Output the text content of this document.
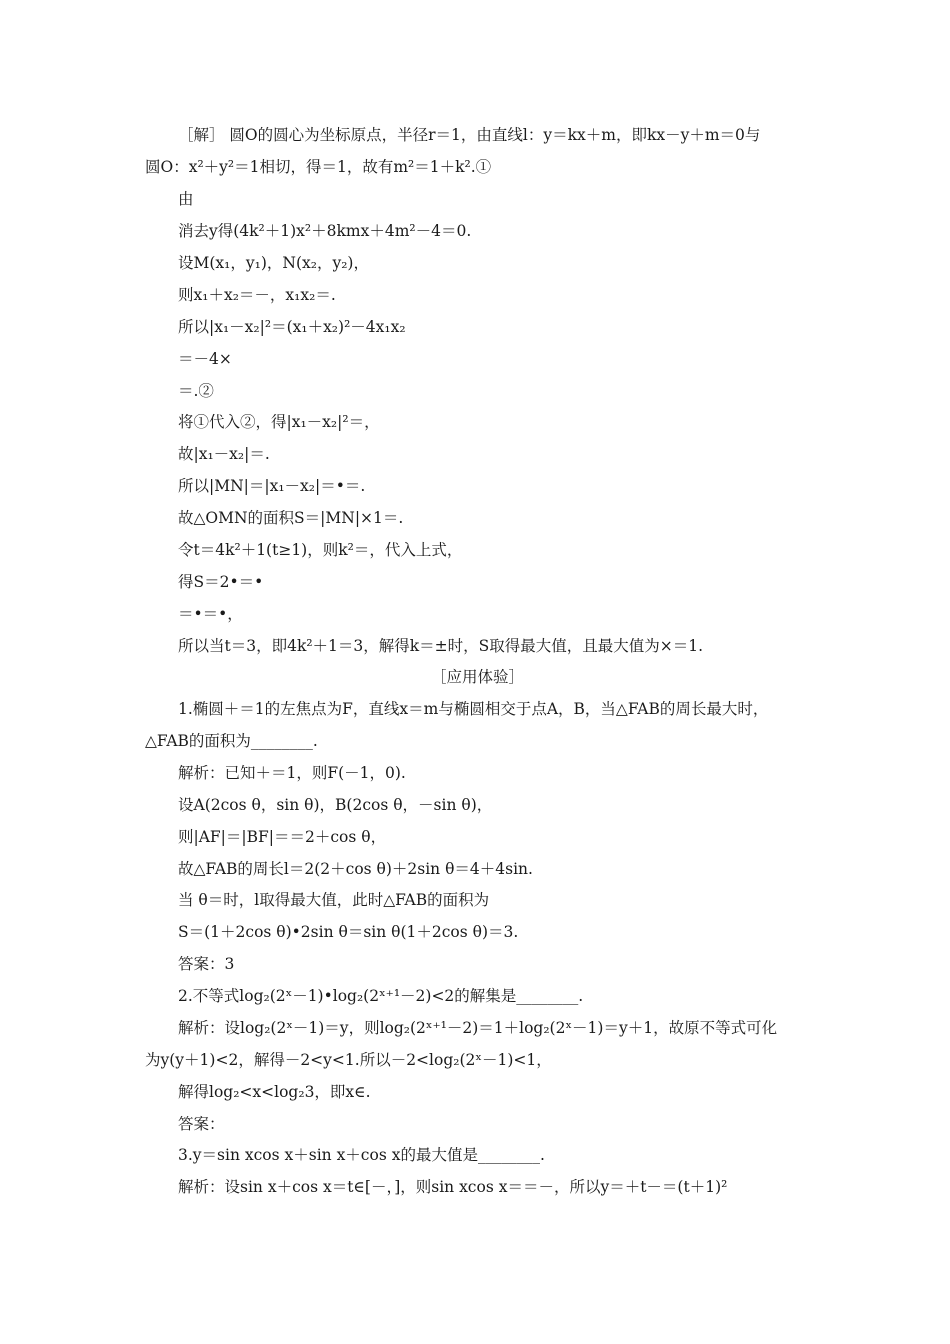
［解］ 圆O的圆心为坐标原点，半径r＝1，由直线l：y＝kx＋m，即kx－y＋m＝0与
圆O：x²＋y²＝1相切，得＝1，故有m²＝1＋k².①
由
消去y得(4k²＋1)x²＋8kmx＋4m²－4＝0.
设M(x₁，y₁)，N(x₂，y₂)，
则x₁＋x₂＝－，x₁x₂＝.
所以|x₁－x₂|²＝(x₁＋x₂)²－4x₁x₂
＝－4×
＝.②
将①代入②，得|x₁－x₂|²＝，
故|x₁－x₂|＝.
所以|MN|＝|x₁－x₂|＝•＝.
故△OMN的面积S＝|MN|×1＝.
令t＝4k²＋1(t≥1)，则k²＝，代入上式，
得S＝2•＝•
＝•＝•，
所以当t＝3，即4k²＋1＝3，解得k＝±时，S取得最大值，且最大值为×＝1.
［应用体验］
1.椭圆＋＝1的左焦点为F，直线x＝m与椭圆相交于点A，B，当△FAB的周长最大时，
△FAB的面积为________.
解析：已知＋＝1，则F(－1，0).
设A(2cos θ，sin θ)，B(2cos θ，－sin θ)，
则|AF|＝|BF|＝＝2＋cos θ，
故△FAB的周长l＝2(2＋cos θ)＋2sin θ＝4＋4sin.
当 θ＝时，l取得最大值，此时△FAB的面积为
S＝(1＋2cos θ)•2sin θ＝sin θ(1＋2cos θ)＝3.
答案：3
2.不等式log₂(2ˣ－1)•log₂(2ˣ⁺¹－2)<2的解集是________.
解析：设log₂(2ˣ－1)＝y，则log₂(2ˣ⁺¹－2)＝1＋log₂(2ˣ－1)＝y＋1，故原不等式可化
为y(y＋1)<2，解得－2<y<1.所以－2<log₂(2ˣ－1)<1，
解得log₂<x<log₂3，即x∈.
答案：
3.y＝sin xcos x＋sin x＋cos x的最大值是________.
解析：设sin x＋cos x＝t∈[－，]，则sin xcos x＝＝－，所以y＝＋t－＝(t＋1)²
